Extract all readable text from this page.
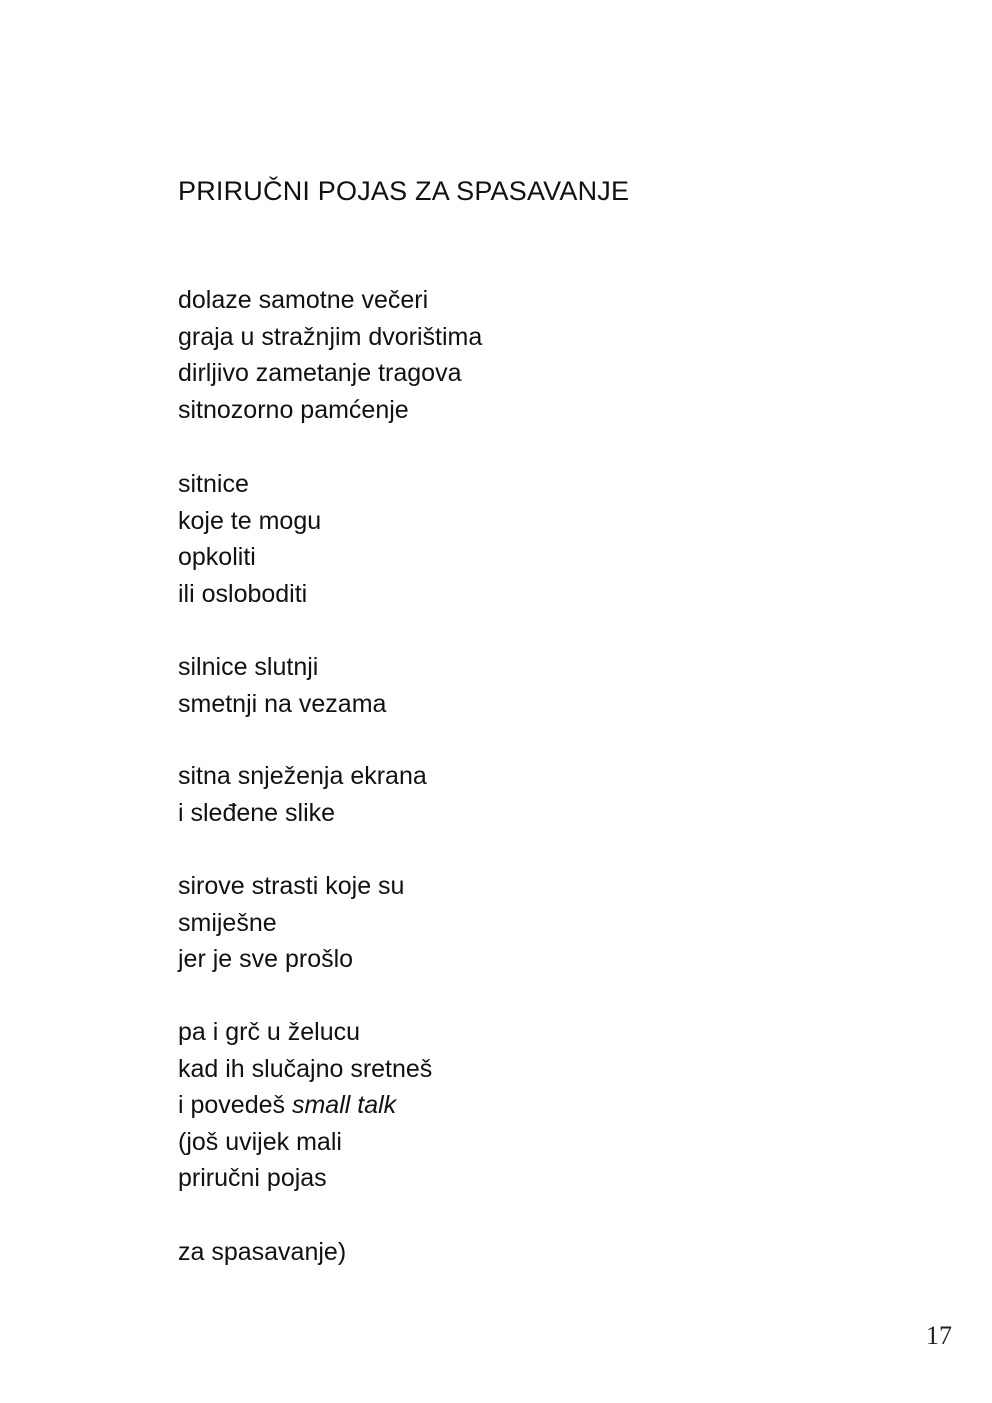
PRIRUČNI POJAS ZA SPASAVANJE
dolaze samotne večeri
graja u stražnjim dvorištima
dirljivo zametanje tragova
sitnozorno pamćenje
sitnice
koje te mogu
opkoliti
ili osloboditi
silnice slutnji
smetnji na vezama
sitna snježenja ekrana
i sleđene slike
sirove strasti koje su
smiješne
jer je sve prošlo
pa i grč u želucu
kad ih slučajno sretneš
i povedeš small talk
(još uvijek mali
priručni pojas
za spasavanje)
17
